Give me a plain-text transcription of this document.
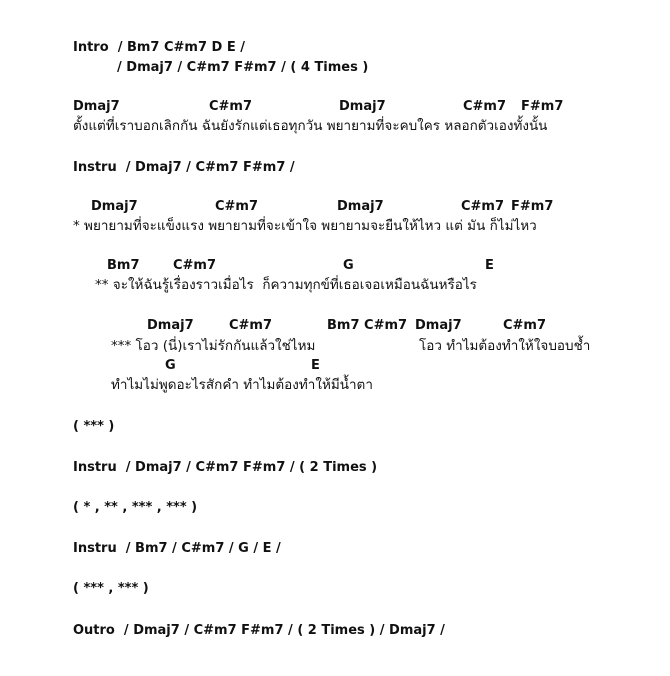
Intro  / Bm7 C#m7 D E /
/ Dmaj7 / C#m7 F#m7 / ( 4 Times )
Dmaj7	C#m7	Dmaj7	C#m7 F#m7
ตั้งแต่ที่เราบอกเลิกกัน ฉันยังรักแต่เธอทุกวัน พยายามที่จะคบใคร หลอกตัวเองทั้งนั้น
Instru  / Dmaj7 / C#m7 F#m7 /
Dmaj7	C#m7	Dmaj7	C#m7 F#m7
* พยายามที่จะแข็งแรง พยายามที่จะเข้าใจ พยายามจะยืนให้ไหว แต่ มัน ก็ไม่ไหว
Bm7	C#m7	G	E
** จะให้ฉันรู้เรื่องราวเมื่อไร  ก็ความทุกข์ที่เธอเจอเหมือนฉันหรือไร
Dmaj7	C#m7	Bm7 C#m7 Dmaj7	C#m7
*** โอว (นี่)เราไม่รักกันแล้วใช่ไหม	โอว ทำไมต้องทำให้ใจบอบช้ำ
G	E
ทำไมไม่พูดอะไรสักคำ ทำไมต้องทำให้มีน้ำตา
( *** )
Instru  / Dmaj7 / C#m7 F#m7 / ( 2 Times )
( * , ** , *** , *** )
Instru  / Bm7 / C#m7 / G / E /
( *** , *** )
Outro  / Dmaj7 / C#m7 F#m7 / ( 2 Times ) / Dmaj7 /
